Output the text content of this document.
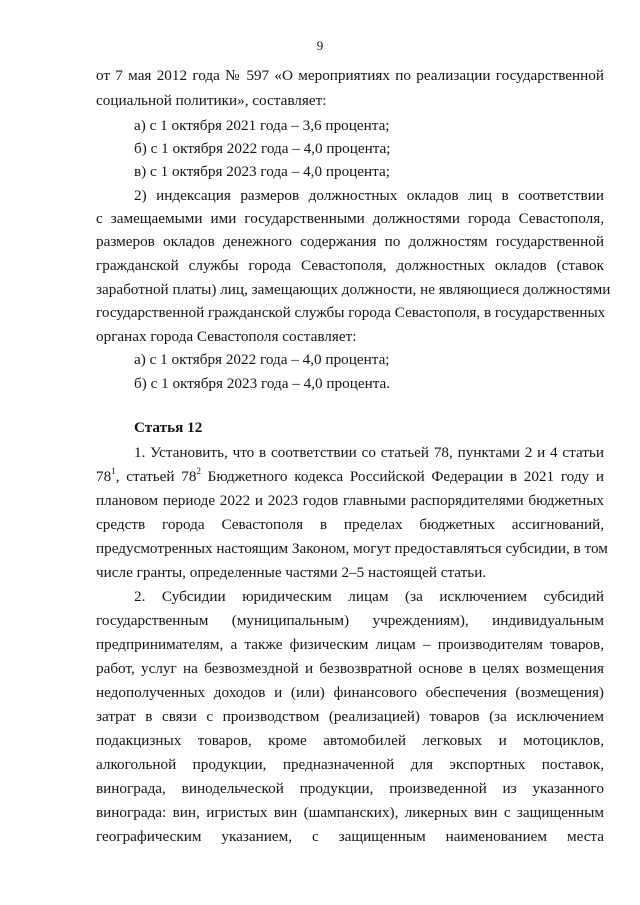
9
от 7 мая 2012 года № 597 «О мероприятиях по реализации государственной
социальной политики», составляет:
а) с 1 октября 2021 года – 3,6 процента;
б) с 1 октября 2022 года – 4,0 процента;
в) с 1 октября 2023 года – 4,0 процента;
2) индексация размеров должностных окладов лиц в соответствии
с замещаемыми ими государственными должностями города Севастополя,
размеров окладов денежного содержания по должностям государственной
гражданской службы города Севастополя, должностных окладов (ставок
заработной платы) лиц, замещающих должности, не являющиеся должностями
государственной гражданской службы города Севастополя, в государственных
органах города Севастополя составляет:
а) с 1 октября 2022 года – 4,0 процента;
б) с 1 октября 2023 года – 4,0 процента.
Статья 12
1. Установить, что в соответствии со статьей 78, пунктами 2 и 4 статьи
$78^1$, статьей $78^2$ Бюджетного кодекса Российской Федерации в 2021 году и
плановом периоде 2022 и 2023 годов главными распорядителями бюджетных
средств города Севастополя в пределах бюджетных ассигнований,
предусмотренных настоящим Законом, могут предоставляться субсидии, в том
числе гранты, определенные частями 2–5 настоящей статьи.
2. Субсидии юридическим лицам (за исключением субсидий
государственным (муниципальным) учреждениям), индивидуальным
предпринимателям, а также физическим лицам – производителям товаров,
работ, услуг на безвозмездной и безвозвратной основе в целях возмещения
недополученных доходов и (или) финансового обеспечения (возмещения)
затрат в связи с производством (реализацией) товаров (за исключением
подакцизных товаров, кроме автомобилей легковых и мотоциклов,
алкогольной продукции, предназначенной для экспортных поставок,
винограда, винодельческой продукции, произведенной из указанного
винограда: вин, игристых вин (шампанских), ликерных вин с защищенным
географическим указанием, с защищенным наименованием места
